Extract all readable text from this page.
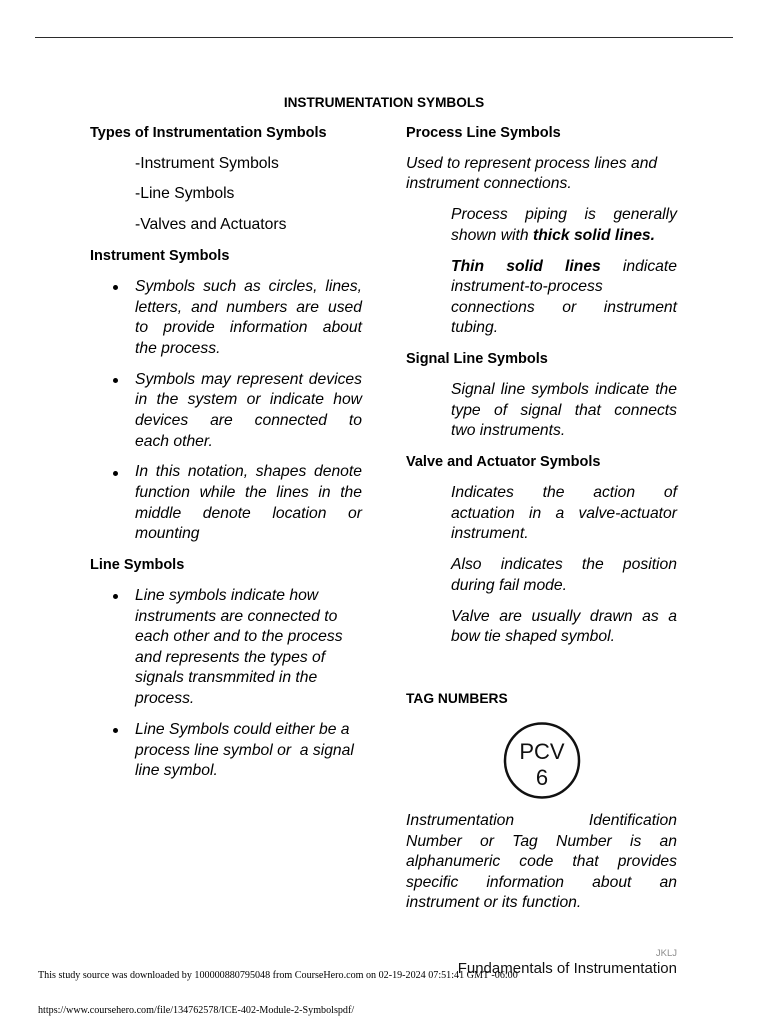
INSTRUMENTATION SYMBOLS
Types of Instrumentation Symbols
-Instrument Symbols
-Line Symbols
-Valves and Actuators
Instrument Symbols
Symbols such as circles, lines,
letters, and numbers are used
to provide information about
the process.
Symbols may represent devices
in the system or indicate how
devices are connected to
each other.
In this notation, shapes denote
function while the lines in the
middle denote location or
mounting
Line Symbols
Line symbols indicate how
instruments are connected to
each other and to the process
and represents the types of
signals transmmited in the
process.
Line Symbols could either be a
process line symbol or  a signal
line symbol.
Process Line Symbols
Used to represent process lines and
instrument connections.
Process piping is generally
shown with thick solid lines.
Thin solid lines indicate
instrument-to-process
connections or instrument
tubing.
Signal Line Symbols
Signal line symbols indicate the
type of signal that connects
two instruments.
Valve and Actuator Symbols
Indicates the action of
actuation in a valve-actuator
instrument.
Also indicates the position
during fail mode.
Valve are usually drawn as a
bow tie shaped symbol.
TAG NUMBERS
PCV
6
Instrumentation Identification
Number or Tag Number is an
alphanumeric code that provides
specific information about an
instrument or its function.
JKLJ
Fundamentals of Instrumentation
This study source was downloaded by 100000880795048 from CourseHero.com on 02-19-2024 07:51:41 GMT -06:00
https://www.coursehero.com/file/134762578/ICE-402-Module-2-Symbolspdf/
